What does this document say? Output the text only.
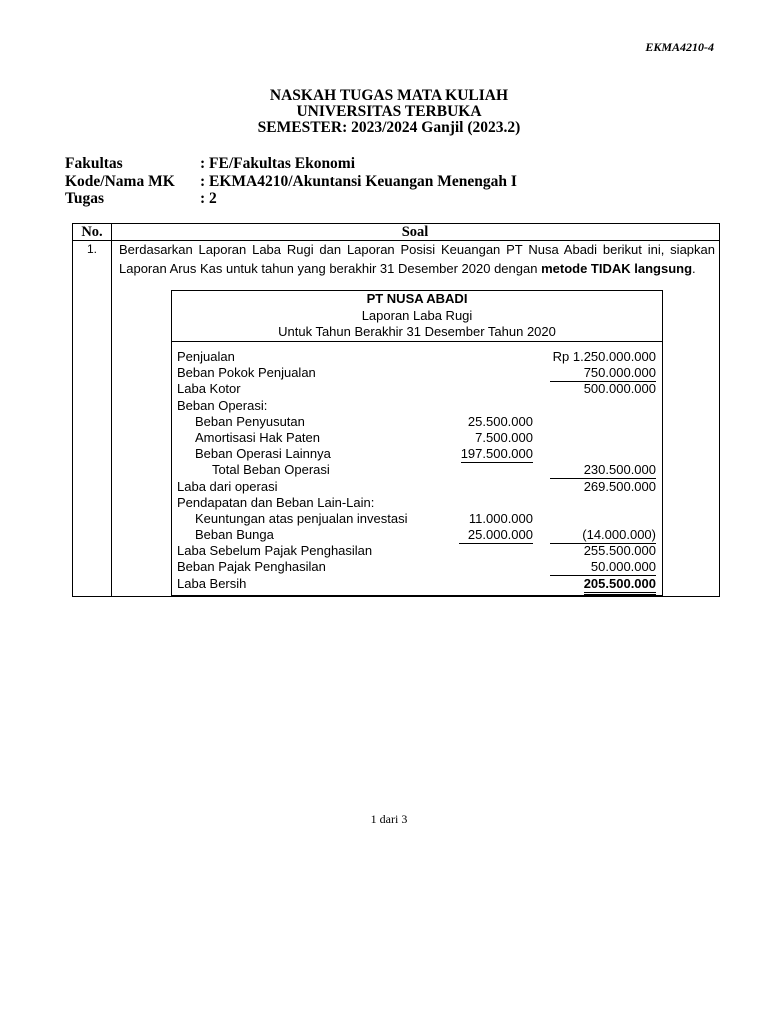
EKMA4210-4
NASKAH TUGAS MATA KULIAH
UNIVERSITAS TERBUKA
SEMESTER: 2023/2024 Ganjil (2023.2)
Fakultas	: FE/Fakultas Ekonomi
Kode/Nama MK	: EKMA4210/Akuntansi Keuangan Menengah I
Tugas	: 2
No.	Soal
1.	Berdasarkan Laporan Laba Rugi dan Laporan Posisi Keuangan PT Nusa Abadi berikut ini, siapkan Laporan Arus Kas untuk tahun yang berakhir 31 Desember 2020 dengan metode TIDAK langsung.
PT NUSA ABADI
Laporan Laba Rugi
Untuk Tahun Berakhir 31 Desember Tahun 2020
Penjualan	Rp 1.250.000.000
Beban Pokok Penjualan	750.000.000
Laba Kotor	500.000.000
Beban Operasi:
Beban Penyusutan	25.500.000
Amortisasi Hak Paten	7.500.000
Beban Operasi Lainnya	197.500.000
Total Beban Operasi	230.500.000
Laba dari operasi	269.500.000
Pendapatan dan Beban Lain-Lain:
Keuntungan atas penjualan investasi	11.000.000
Beban Bunga	25.000.000	(14.000.000)
Laba Sebelum Pajak Penghasilan	255.500.000
Beban Pajak Penghasilan	50.000.000
Laba Bersih	205.500.000
1 dari 3
